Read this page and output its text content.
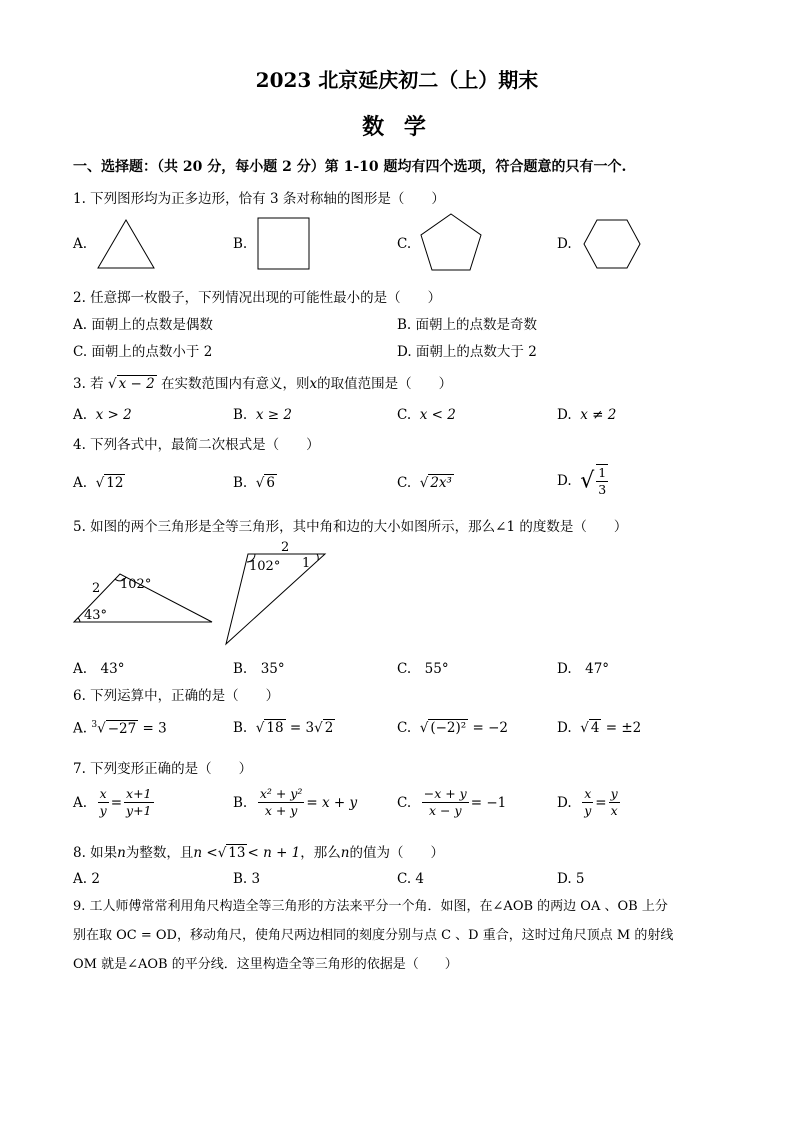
2023 北京延庆初二（上）期末
数 学
一、选择题：（共 20 分，每小题 2 分）第 1-10 题均有四个选项，符合题意的只有一个.
1. 下列图形均为正多边形，恰有 3 条对称轴的图形是（　　）
A.	B.	C.	D.
2. 任意掷一枚骰子，下列情况出现的可能性最小的是（　　）
A. 面朝上的点数是偶数	B. 面朝上的点数是奇数
C. 面朝上的点数小于 2	D. 面朝上的点数大于 2
3. 若 √ x − 2 在实数范围内有意义，则x的取值范围是（　　）
A. x > 2	B. x ≥ 2	C. x < 2	D. x ≠ 2
4. 下列各式中，最简二次根式是（　　）
A.  √ 12	B.  √ 6	C.  √ 2x³	D. √ $\frac{1}{3}$
5. 如图的两个三角形是全等三角形，其中角和边的大小如图所示，那么∠1 的度数是（　　）
2 102°
43°
2
102° 1
A.　43°	B.　35°	C.　55°	D.　47°
6. 下列运算中，正确的是（　　）
A. $^3$√ −27 = 3	B.  √ 18 = 3√ 2	C.  √ (−2)² = −2	D.  √ 4 = ±2
7. 下列变形正确的是（　　）
A.
$\frac{x}{y} = \frac{x+1}{y+1}$	B.
$\frac{\text{x² + y²}}{x + y} = x + y$	C.
$\frac{-x + y}{x - y} = -1$	D.
$\frac{x}{y} = \frac{y}{x}$
8. 如果n为整数，且n <√ 13 < n + 1，那么n的值为（　　）
A. 2	B. 3	C. 4	D. 5
9. 工人师傅常常利用角尺构造全等三角形的方法来平分一个角．如图，在∠AOB 的两边 OA 、OB 上分
别在取 OC = OD，移动角尺，使角尺两边相同的刻度分别与点 C 、D 重合，这时过角尺顶点 M 的射线
OM 就是∠AOB 的平分线．这里构造全等三角形的依据是（　　）
